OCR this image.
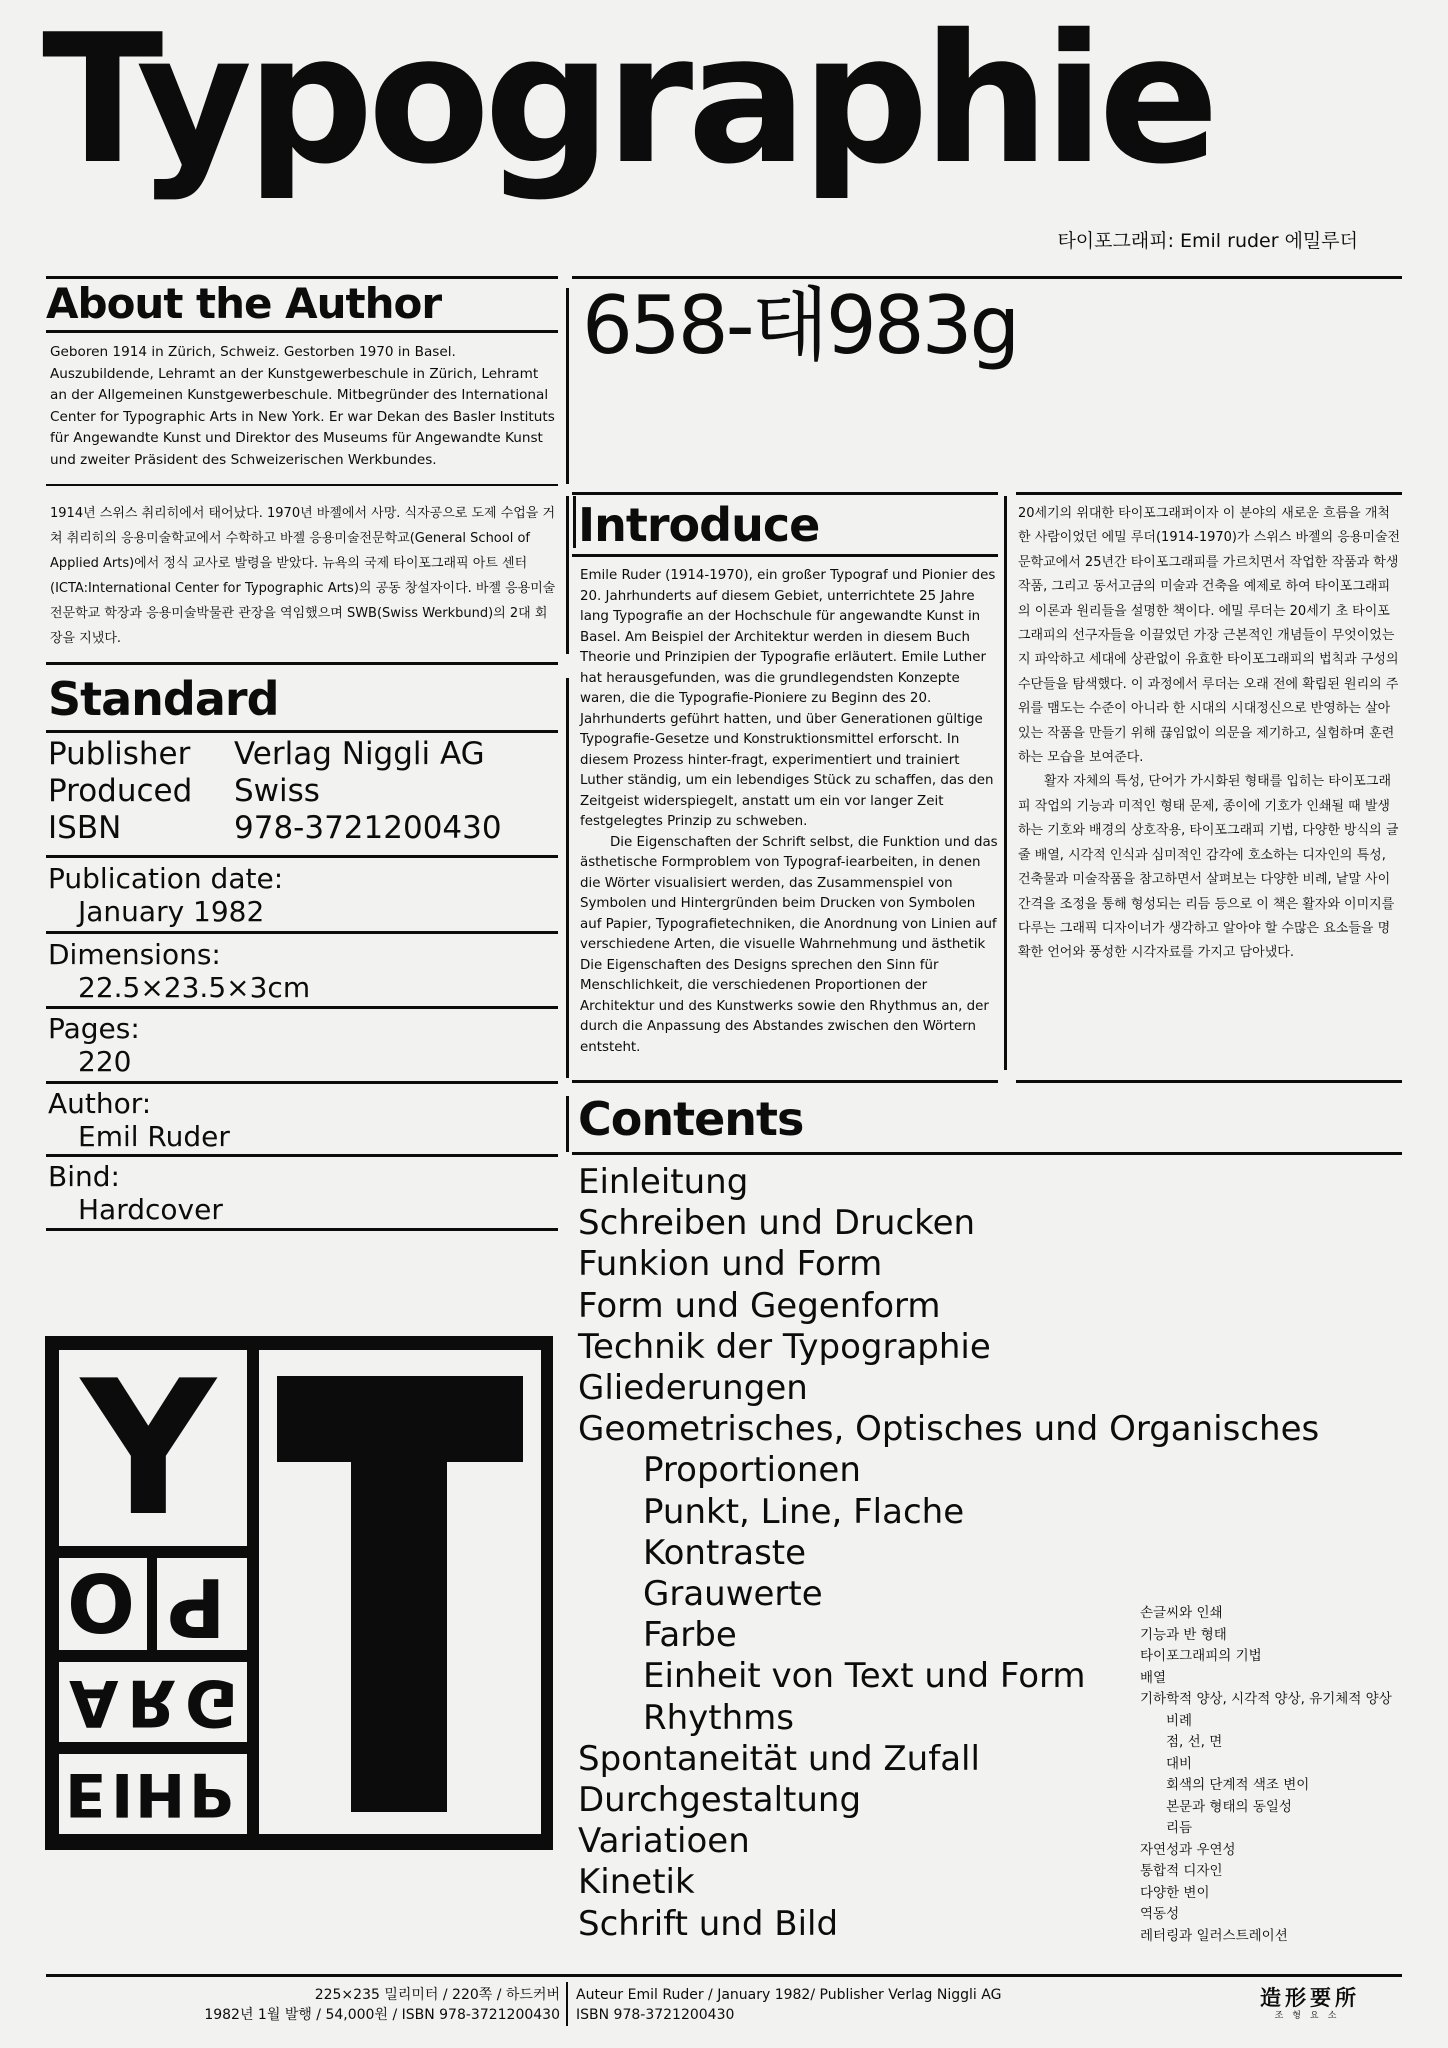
Typographie
타이포그래피: Emil ruder 에밀루더
About the Author
Geboren 1914 in Zürich, Schweiz. Gestorben 1970 in Basel. Auszubildende, Lehramt an der Kunstgewerbeschule in Zürich, Lehramt an der Allgemeinen Kunstgewerbeschule. Mitbegründer des International Center for Typographic Arts in New York. Er war Dekan des Basler Instituts für Angewandte Kunst und Direktor des Museums für Angewandte Kunst und zweiter Präsident des Schweizerischen Werkbundes.
658-태983g
1914년 스위스 취리히에서 태어났다. 1970년 바젤에서 사망. 식자공으로 도제 수업을 거쳐 취리히의 응용미술학교에서 수학하고 바젤 응용미술전문학교(General School of Applied Arts)에서 정식 교사로 발령을 받았다. 뉴욕의 국제 타이포그래픽 아트 센터(ICTA:International Center for Typographic Arts)의 공동 창설자이다. 바젤 응용미술전문학교 학장과 응용미술박물관 관장을 역임했으며 SWB(Swiss Werkbund)의 2대 회장을 지냈다.
Standard
Publisher Verlag Niggli AG
Produced Swiss
ISBN	978-3721200430
Publication date:
January 1982
Dimensions:
22.5×23.5×3cm
Pages:
220
Author:
Emil Ruder
Bind:
Hardcover
Introduce
Emile Ruder (1914-1970), ein großer Typograf und Pionier des 20. Jahrhunderts auf diesem Gebiet, unterrichtete 25 Jahre lang Typografie an der Hochschule für angewandte Kunst in Basel. Am Beispiel der Architektur werden in diesem Buch Theorie und Prinzipien der Typografie erläutert. Emile Luther hat herausgefunden, was die grundlegendsten Konzepte waren, die die Typografie-Pioniere zu Beginn des 20. Jahrhunderts geführt hatten, und über Generationen gültige Typografie-Gesetze und Konstruktionsmittel erforscht. In diesem Prozess hinter-fragt, experimentiert und trainiert Luther ständig, um ein lebendiges Stück zu schaffen, das den Zeitgeist widerspiegelt, anstatt um ein vor langer Zeit festgelegtes Prinzip zu schweben.
Die Eigenschaften der Schrift selbst, die Funktion und das ästhetische Formproblem von Typograf-iearbeiten, in denen die Wörter visualisiert werden, das Zusammenspiel von Symbolen und Hintergründen beim Drucken von Symbolen auf Papier, Typografietechniken, die Anordnung von Linien auf verschiedene Arten, die visuelle Wahrnehmung und ästhetik Die Eigenschaften des Designs sprechen den Sinn für Menschlichkeit, die verschiedenen Proportionen der Architektur und des Kunstwerks sowie den Rhythmus an, der durch die Anpassung des Abstandes zwischen den Wörtern entsteht.
20세기의 위대한 타이포그래퍼이자 이 분야의 새로운 흐름을 개척한 사람이었던 에밀 루더(1914-1970)가 스위스 바젤의 응용미술전문학교에서 25년간 타이포그래피를 가르치면서 작업한 작품과 학생 작품, 그리고 동서고금의 미술과 건축을 예제로 하여 타이포그래피의 이론과 원리들을 설명한 책이다. 에밀 루더는 20세기 초 타이포그래피의 선구자들을 이끌었던 가장 근본적인 개념들이 무엇이었는지 파악하고 세대에 상관없이 유효한 타이포그래피의 법칙과 구성의 수단들을 탐색했다. 이 과정에서 루더는 오래 전에 확립된 원리의 주위를 맴도는 수준이 아니라 한 시대의 시대정신으로 반영하는 살아 있는 작품을 만들기 위해 끊임없이 의문을 제기하고, 실험하며 훈련하는 모습을 보여준다.
활자 자체의 특성, 단어가 가시화된 형태를 입히는 타이포그래피 작업의 기능과 미적인 형태 문제, 종이에 기호가 인쇄될 때 발생하는 기호와 배경의 상호작용, 타이포그래피 기법, 다양한 방식의 글줄 배열, 시각적 인식과 심미적인 감각에 호소하는 디자인의 특성, 건축물과 미술작품을 참고하면서 살펴보는 다양한 비례, 낱말 사이 간격을 조정을 통해 형성되는 리듬 등으로 이 책은 활자와 이미지를 다루는 그래픽 디자이너가 생각하고 알아야 할 수많은 요소들을 명확한 언어와 풍성한 시각자료를 가지고 담아냈다.
Contents
Einleitung
Schreiben und Drucken
Funkion und Form
Form und Gegenform
Technik der Typographie
Gliederungen
Geometrisches, Optisches und Organisches
Proportionen
Punkt, Line, Flache
Kontraste
Grauwerte
Farbe
Einheit von Text und Form
Rhythms
Spontaneität und Zufall
Durchgestaltung
Variatioen
Kinetik
Schrift und Bild
손글씨와 인쇄
기능과 반 형태
타이포그래피의 기법
배열
기하학적 양상, 시각적 양상, 유기체적 양상
비례
점, 선, 면
대비
회색의 단계적 색조 변이
본문과 형태의 동일성
리듬
자연성과 우연성
통합적 디자인
다양한 변이
역동성
레터링과 일러스트레이션
Y
O P
G
R
A
E I H P
225×235 밀리미터 / 220쪽 / 하드커버
1982년 1월 발행 / 54,000원 / ISBN 978-3721200430
Auteur Emil Ruder / January 1982/ Publisher Verlag Niggli AG
ISBN 978-3721200430
造形要所
조형요소
